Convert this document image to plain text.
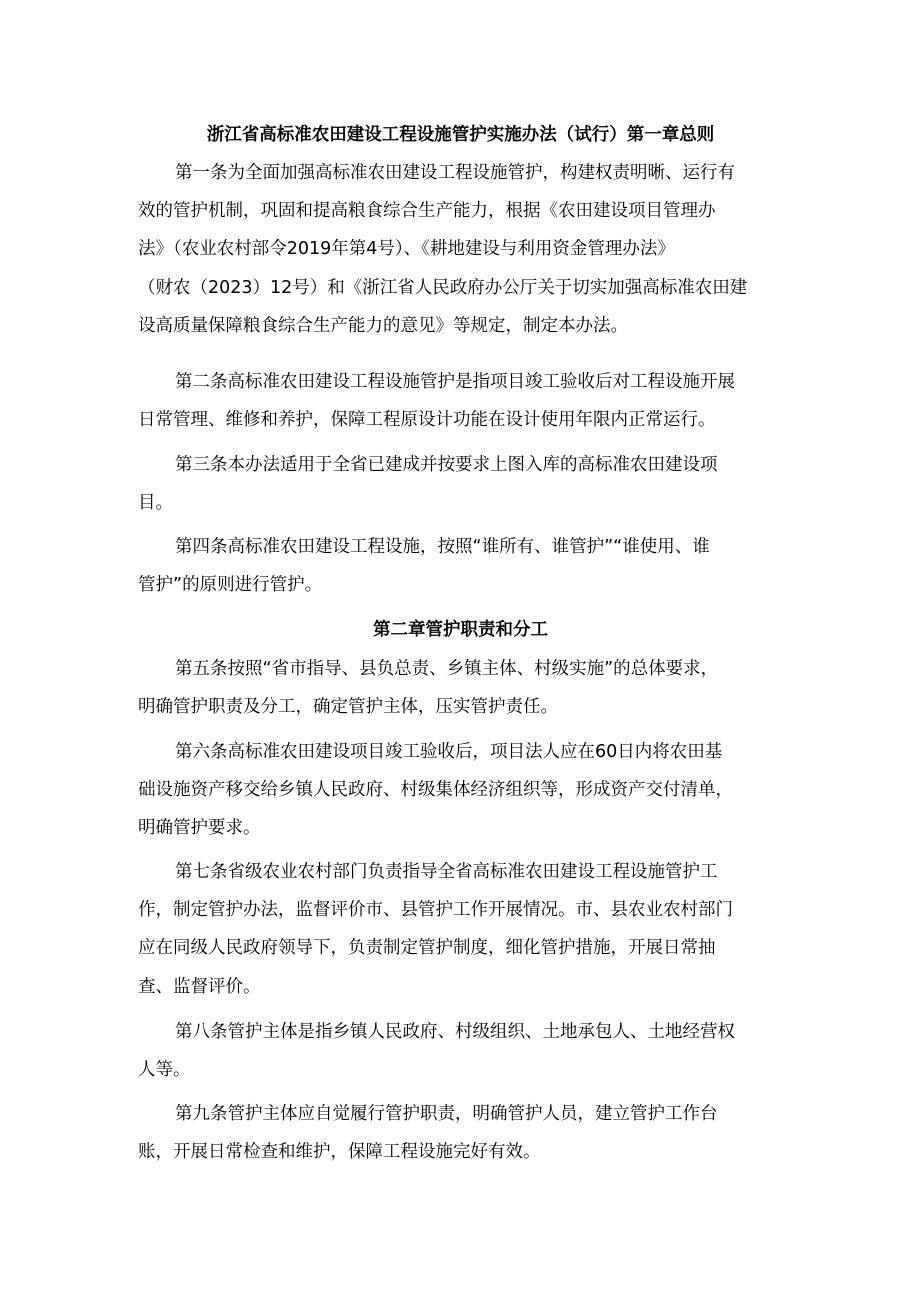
浙江省高标准农田建设工程设施管护实施办法（试行）第一章总则
第一条为全面加强高标准农田建设工程设施管护，构建权责明晰、运行有
效的管护机制，巩固和提高粮食综合生产能力，根据《农田建设项目管理办
法》（农业农村部令2019年第4号）、《耕地建设与利用资金管理办法》
（财农（2023）12号）和《浙江省人民政府办公厅关于切实加强高标准农田建
设高质量保障粮食综合生产能力的意见》等规定，制定本办法。
第二条高标准农田建设工程设施管护是指项目竣工验收后对工程设施开展
日常管理、维修和养护，保障工程原设计功能在设计使用年限内正常运行。
第三条本办法适用于全省已建成并按要求上图入库的高标准农田建设项
目。
第四条高标准农田建设工程设施，按照“谁所有、谁管护”“谁使用、谁
管护”的原则进行管护。
第二章管护职责和分工
第五条按照“省市指导、县负总责、乡镇主体、村级实施”的总体要求，
明确管护职责及分工，确定管护主体，压实管护责任。
第六条高标准农田建设项目竣工验收后，项目法人应在60日内将农田基
础设施资产移交给乡镇人民政府、村级集体经济组织等，形成资产交付清单，
明确管护要求。
第七条省级农业农村部门负责指导全省高标准农田建设工程设施管护工
作，制定管护办法，监督评价市、县管护工作开展情况。市、县农业农村部门
应在同级人民政府领导下，负责制定管护制度，细化管护措施，开展日常抽
查、监督评价。
第八条管护主体是指乡镇人民政府、村级组织、土地承包人、土地经营权
人等。
第九条管护主体应自觉履行管护职责，明确管护人员，建立管护工作台
账，开展日常检查和维护，保障工程设施完好有效。
